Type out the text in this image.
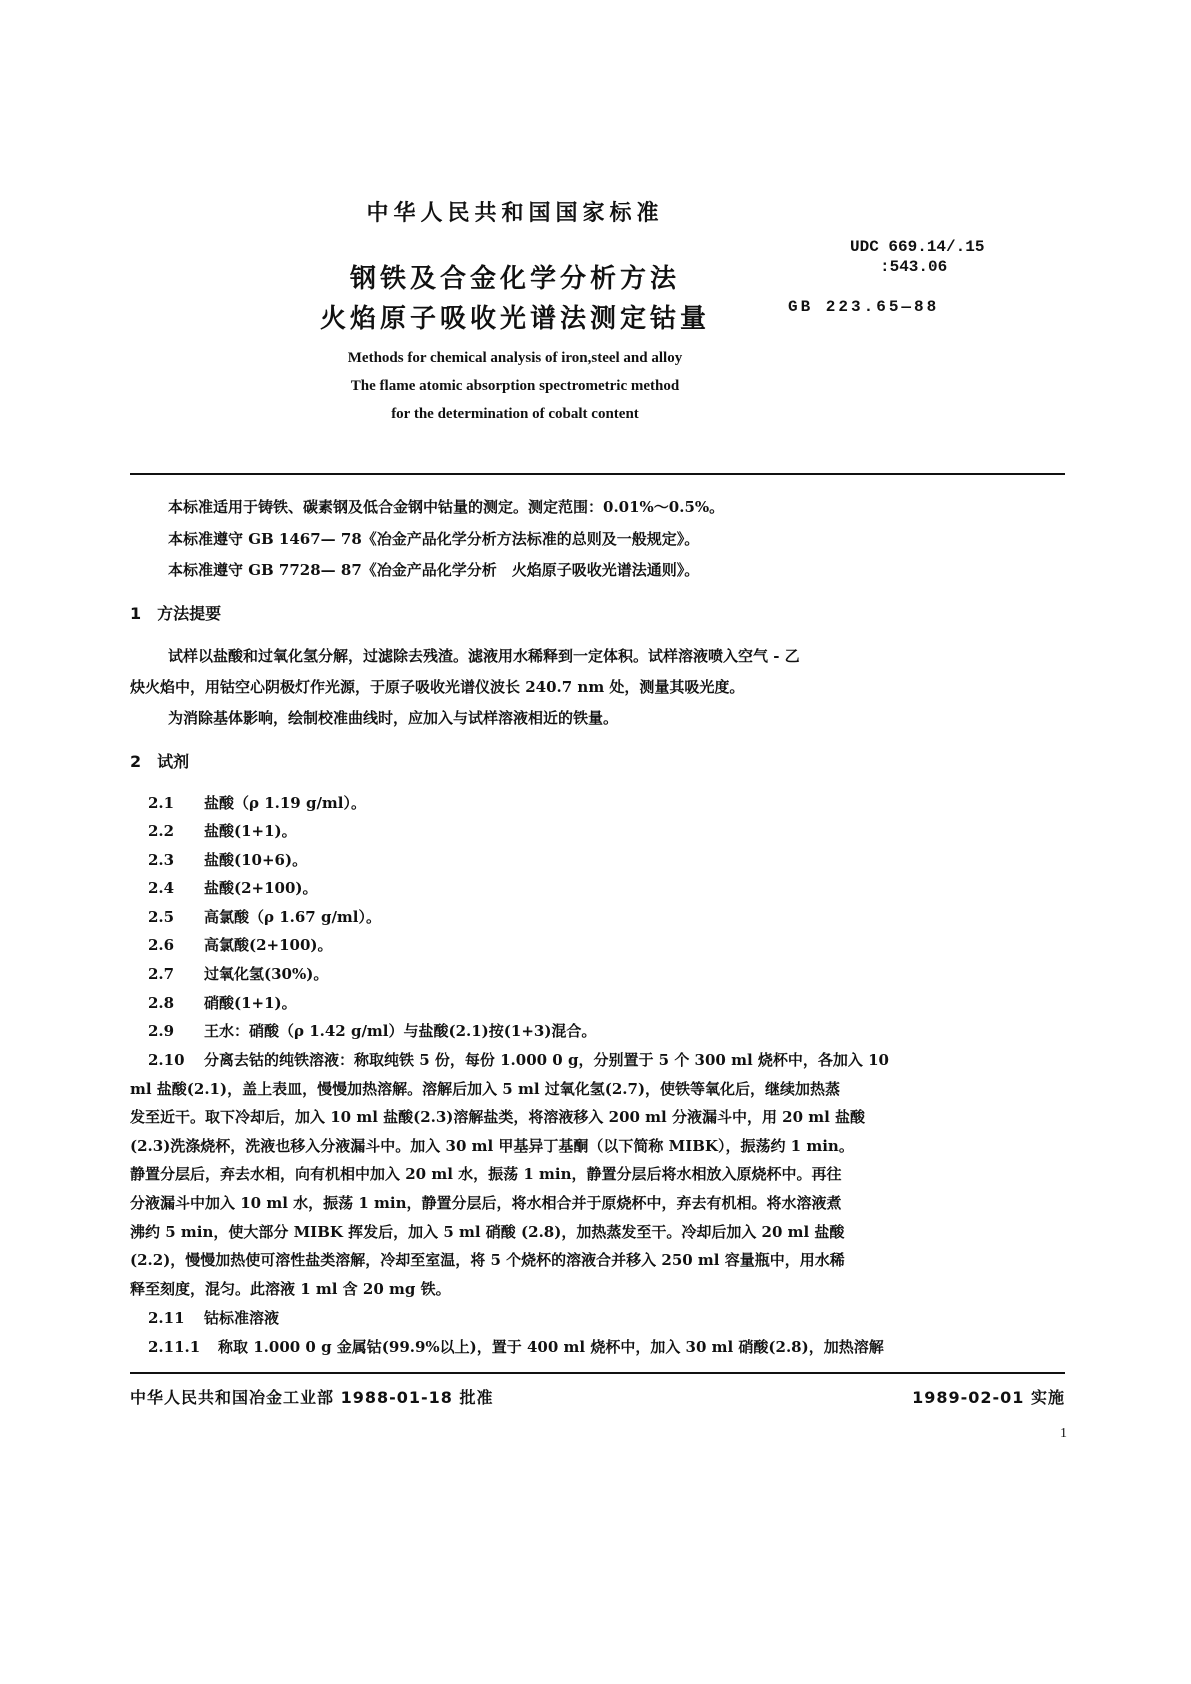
中华人民共和国国家标准
钢铁及合金化学分析方法
火焰原子吸收光谱法测定钴量
UDC 669.14/.15
:543.06
GB 223.65—88
Methods for chemical analysis of iron,steel and alloy
The flame atomic absorption spectrometric method
for the determination of cobalt content
本标准适用于铸铁、碳素钢及低合金钢中钴量的测定。测定范围：0.01%～0.5%。
本标准遵守 GB 1467— 78《冶金产品化学分析方法标准的总则及一般规定》。
本标准遵守 GB 7728— 87《冶金产品化学分析　火焰原子吸收光谱法通则》。
1　方法提要
试样以盐酸和过氧化氢分解，过滤除去残渣。滤液用水稀释到一定体积。试样溶液喷入空气 - 乙
炔火焰中，用钴空心阴极灯作光源，于原子吸收光谱仪波长 240.7 nm 处，测量其吸光度。
为消除基体影响，绘制校准曲线时，应加入与试样溶液相近的铁量。
2　试剂
2.1 盐酸（ρ 1.19 g/ml）。
2.2 盐酸(1+1)。
2.3 盐酸(10+6)。
2.4 盐酸(2+100)。
2.5 高氯酸（ρ 1.67 g/ml）。
2.6 高氯酸(2+100)。
2.7 过氧化氢(30%)。
2.8 硝酸(1+1)。
2.9 王水：硝酸（ρ 1.42 g/ml）与盐酸(2.1)按(1+3)混合。
2.10 分离去钴的纯铁溶液：称取纯铁 5 份，每份 1.000 0 g，分别置于 5 个 300 ml 烧杯中，各加入 10
ml 盐酸(2.1)，盖上表皿，慢慢加热溶解。溶解后加入 5 ml 过氧化氢(2.7)，使铁等氧化后，继续加热蒸
发至近干。取下冷却后，加入 10 ml 盐酸(2.3)溶解盐类，将溶液移入 200 ml 分液漏斗中，用 20 ml 盐酸
(2.3)洗涤烧杯，洗液也移入分液漏斗中。加入 30 ml 甲基异丁基酮（以下简称 MIBK），振荡约 1 min。
静置分层后，弃去水相，向有机相中加入 20 ml 水，振荡 1 min，静置分层后将水相放入原烧杯中。再往
分液漏斗中加入 10 ml 水，振荡 1 min，静置分层后，将水相合并于原烧杯中，弃去有机相。将水溶液煮
沸约 5 min，使大部分 MIBK 挥发后，加入 5 ml 硝酸 (2.8)，加热蒸发至干。冷却后加入 20 ml 盐酸
(2.2)，慢慢加热使可溶性盐类溶解，冷却至室温，将 5 个烧杯的溶液合并移入 250 ml 容量瓶中，用水稀
释至刻度，混匀。此溶液 1 ml 含 20 mg 铁。
2.11 钴标准溶液
2.11.1 称取 1.000 0 g 金属钴(99.9%以上)，置于 400 ml 烧杯中，加入 30 ml 硝酸(2.8)，加热溶解
中华人民共和国冶金工业部 1988-01-18 批准	1989-02-01 实施
1
